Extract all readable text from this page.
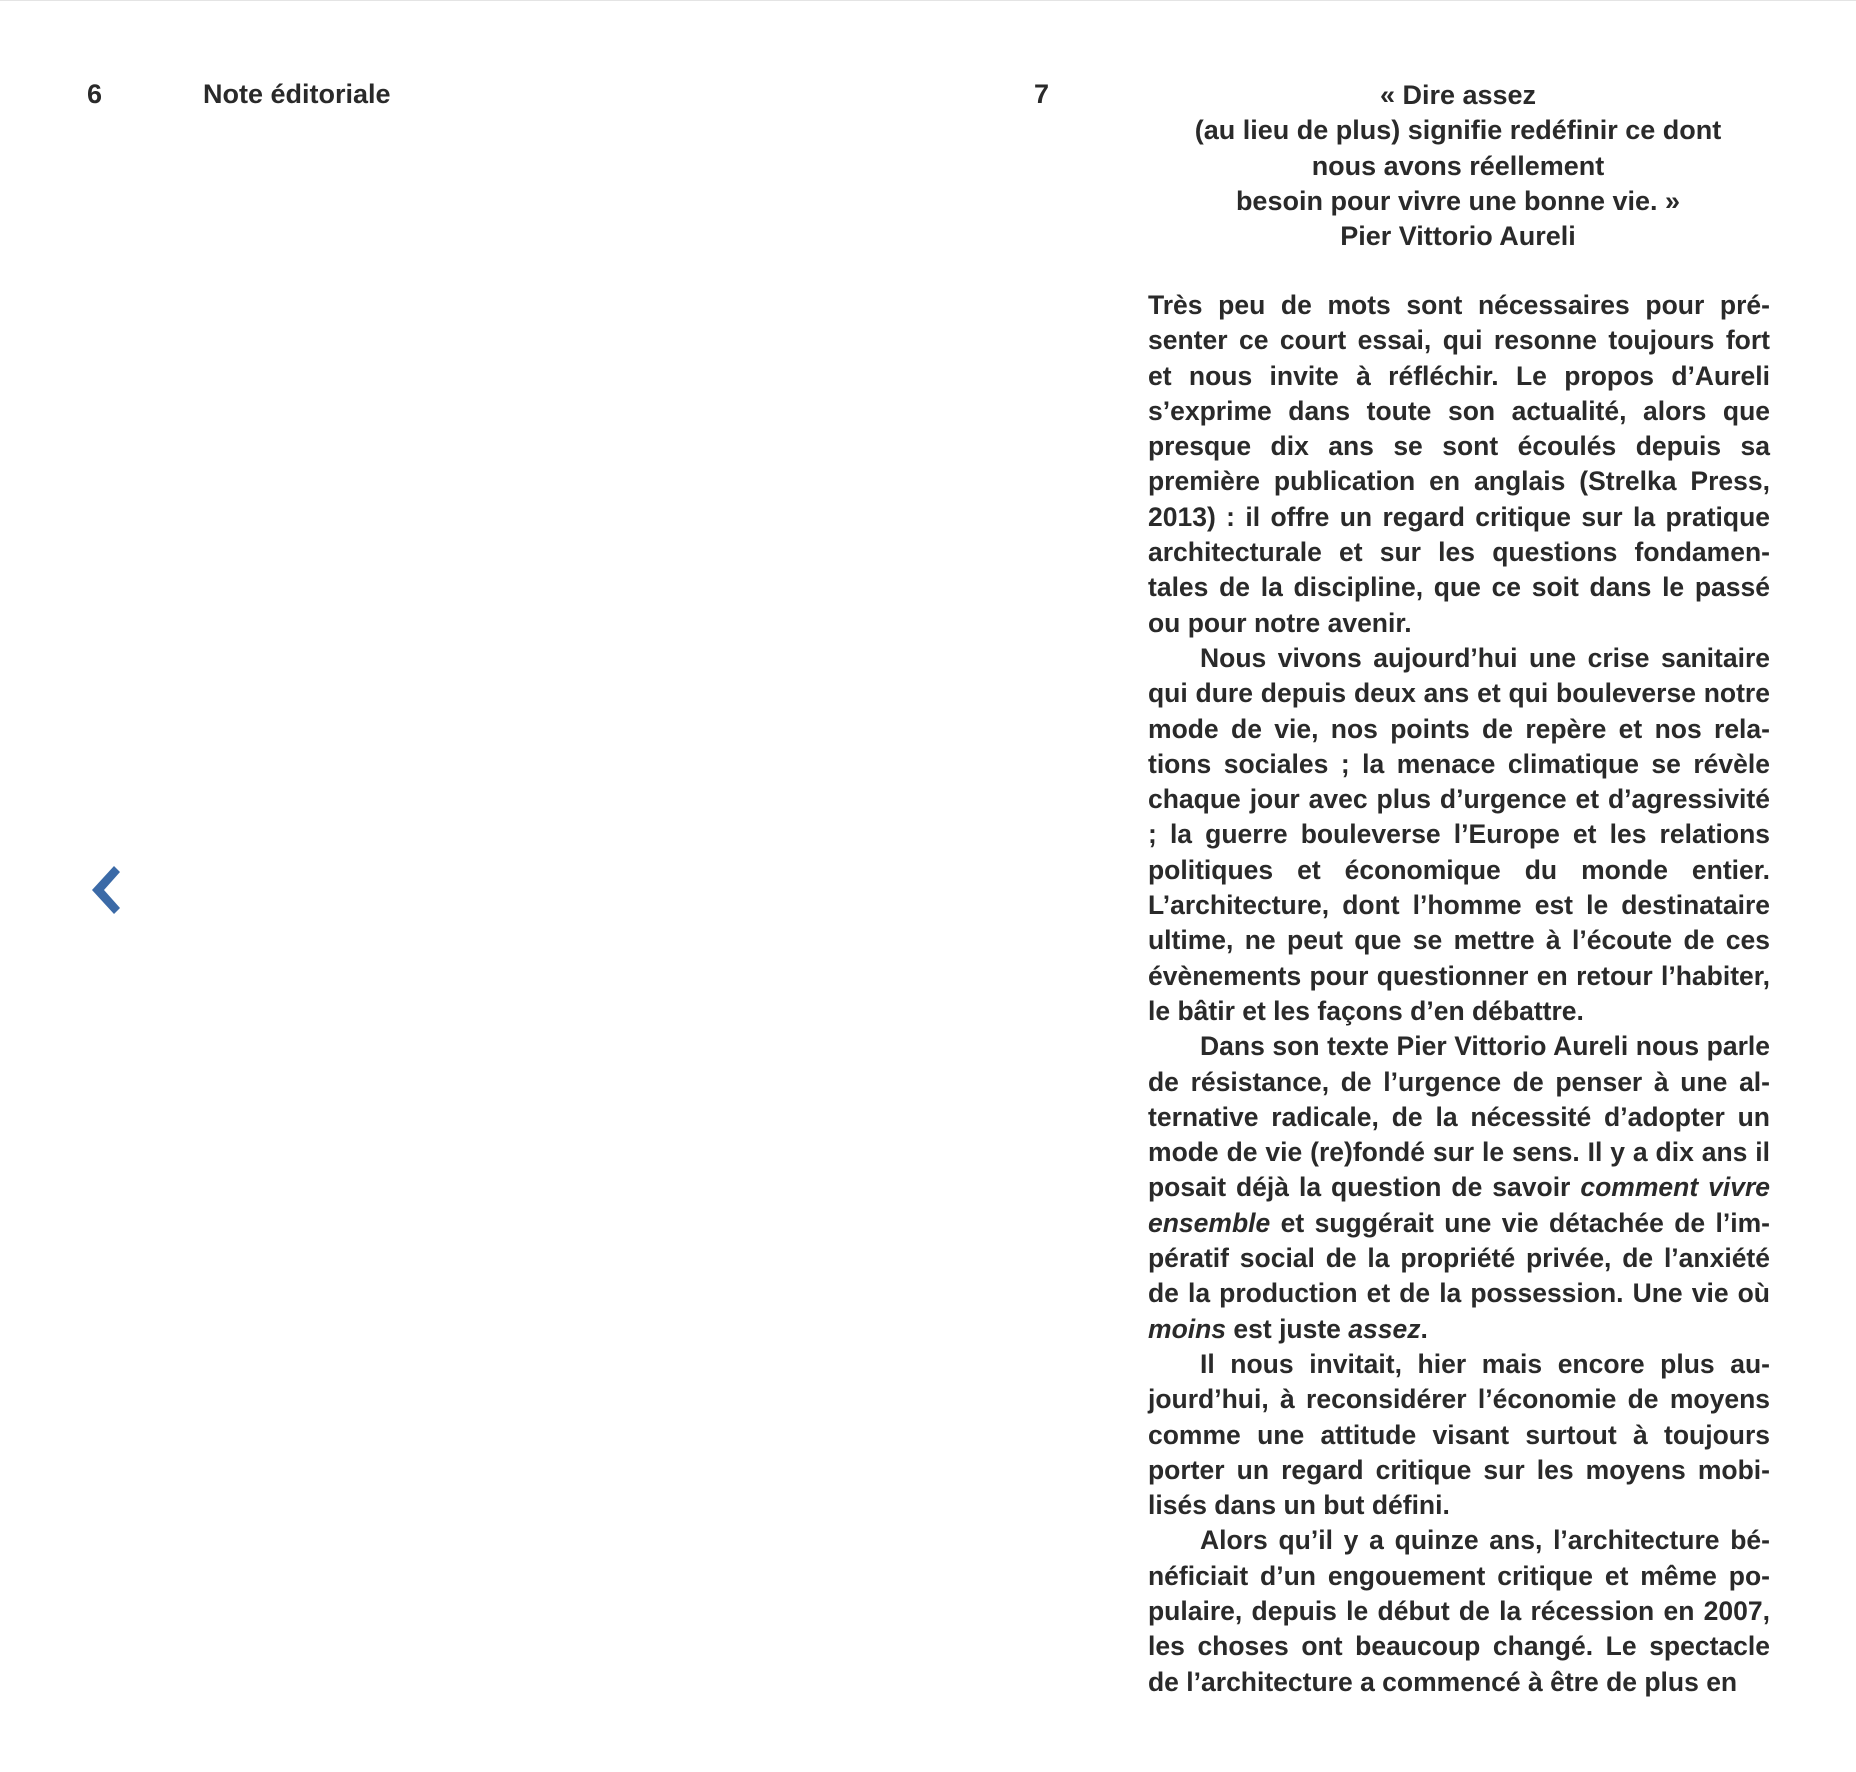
6	Note éditoriale	7	« Dire assez
(au lieu de plus) signifie redéfinir ce dont
nous avons réellement
besoin pour vivre une bonne vie. »
Pier Vittorio Aureli

Très peu de mots sont nécessaires pour présenter ce court essai, qui resonne toujours fort et nous invite à réfléchir. Le propos d’Aureli s’exprime dans toute son actualité, alors que presque dix ans se sont écoulés depuis sa première publication en anglais (Strelka Press, 2013) : il offre un regard critique sur la pratique architecturale et sur les questions fondamentales de la discipline, que ce soit dans le passé ou pour notre avenir.

Nous vivons aujourd’hui une crise sanitaire qui dure depuis deux ans et qui bouleverse notre mode de vie, nos points de repère et nos relations sociales ; la menace climatique se révèle chaque jour avec plus d’urgence et d’agressivité ; la guerre bouleverse l’Europe et les relations politiques et économique du monde entier. L’architecture, dont l’homme est le destinataire ultime, ne peut que se mettre à l’écoute de ces évènements pour questionner en retour l’habiter, le bâtir et les façons d’en débattre.

Dans son texte Pier Vittorio Aureli nous parle de résistance, de l’urgence de penser à une alternative radicale, de la nécessité d’adopter un mode de vie (re)fondé sur le sens. Il y a dix ans il posait déjà la question de savoir comment vivre ensemble et suggérait une vie détachée de l’impératif social de la propriété privée, de l’anxiété de la production et de la possession. Une vie où moins est juste assez.

Il nous invitait, hier mais encore plus aujourd’hui, à reconsidérer l’économie de moyens comme une attitude visant surtout à toujours porter un regard critique sur les moyens mobilisés dans un but défini.

Alors qu’il y a quinze ans, l’architecture bénéficiait d’un engouement critique et même populaire, depuis le début de la récession en 2007, les choses ont beaucoup changé. Le spectacle de l’architecture a commencé à être de plus en
